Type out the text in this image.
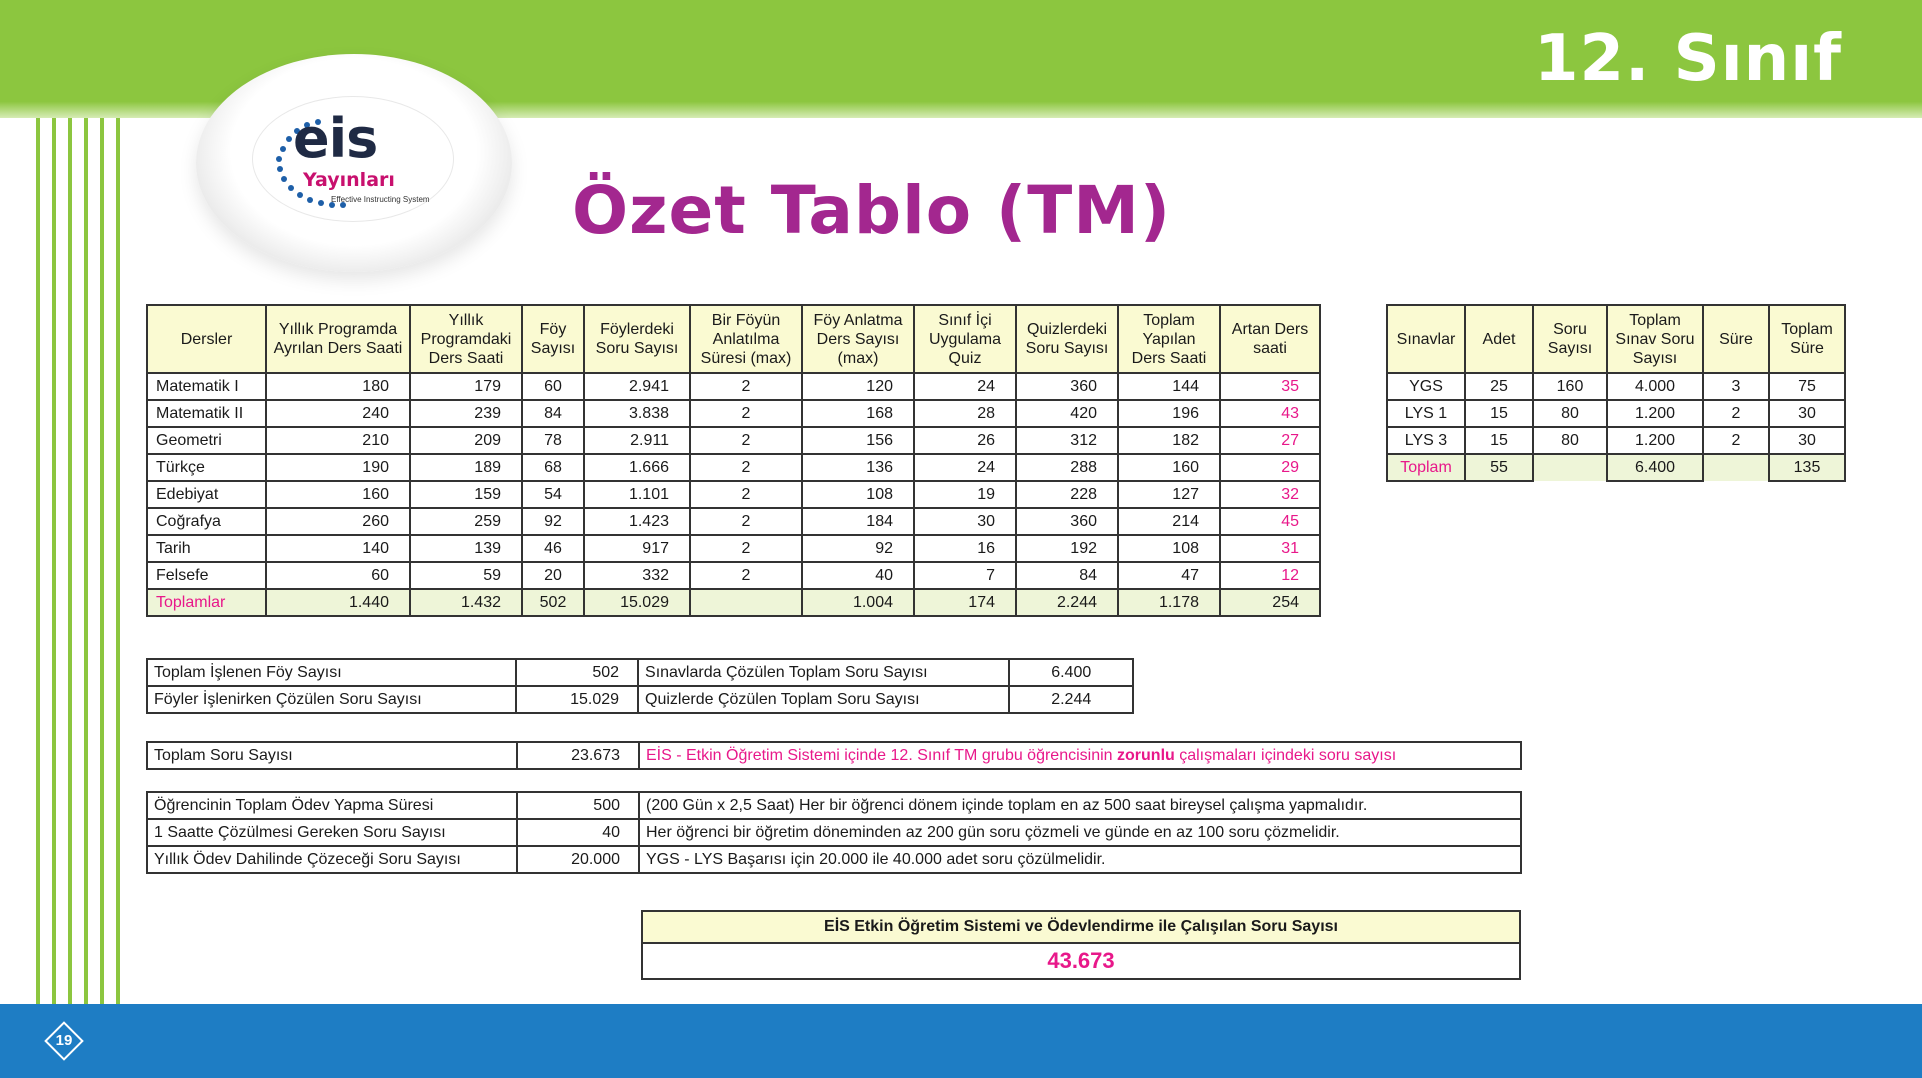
12. Sınıf
eis
Yayınları
Effective Instructing System Özet Tablo (TM)
Dersler	Yıllık Programda Ayrılan Ders Saati	Yıllık Programdaki Ders Saati	Föy Sayısı	Föylerdeki Soru Sayısı	Bir Föyün Anlatılma Süresi (max)	Föy Anlatma Ders Sayısı (max)	Sınıf İçi Uygulama Quiz	Quizlerdeki Soru Sayısı	Toplam Yapılan Ders Saati	Artan Ders saati
Matematik I	180	179	60	2.941	2	120	24	360	144	35
Matematik II	240	239	84	3.838	2	168	28	420	196	43
Geometri	210	209	78	2.911	2	156	26	312	182	27
Türkçe	190	189	68	1.666	2	136	24	288	160	29
Edebiyat	160	159	54	1.101	2	108	19	228	127	32
Coğrafya	260	259	92	1.423	2	184	30	360	214	45
Tarih	140	139	46	917	2	92	16	192	108	31
Felsefe	60	59	20	332	2	40	7	84	47	12
Toplamlar	1.440	1.432	502	15.029		1.004	174	2.244	1.178	254
Sınavlar	Adet	Soru Sayısı	Toplam Sınav Soru Sayısı	Süre	Toplam Süre
YGS	25	160	4.000	3	75
LYS 1	15	80	1.200	2	30
LYS 3	15	80	1.200	2	30
Toplam	55		6.400		135
Toplam İşlenen Föy Sayısı	502	Sınavlarda Çözülen Toplam Soru Sayısı	6.400
Föyler İşlenirken Çözülen Soru Sayısı	15.029	Quizlerde Çözülen Toplam Soru Sayısı	2.244
Toplam Soru Sayısı	23.673	EİS - Etkin Öğretim Sistemi içinde 12. Sınıf TM grubu öğrencisinin zorunlu çalışmaları içindeki soru sayısı
Öğrencinin Toplam Ödev Yapma Süresi	500	(200 Gün x 2,5 Saat) Her bir öğrenci dönem içinde toplam en az 500 saat bireysel çalışma yapmalıdır.
1 Saatte Çözülmesi Gereken Soru Sayısı	40	Her öğrenci bir öğretim döneminden az 200 gün soru çözmeli ve günde en az 100 soru çözmelidir.
Yıllık Ödev Dahilinde Çözeceği Soru Sayısı	20.000	YGS - LYS Başarısı için 20.000 ile 40.000 adet soru çözülmelidir.
EİS Etkin Öğretim Sistemi ve Ödevlendirme ile Çalışılan Soru Sayısı
43.673
19
